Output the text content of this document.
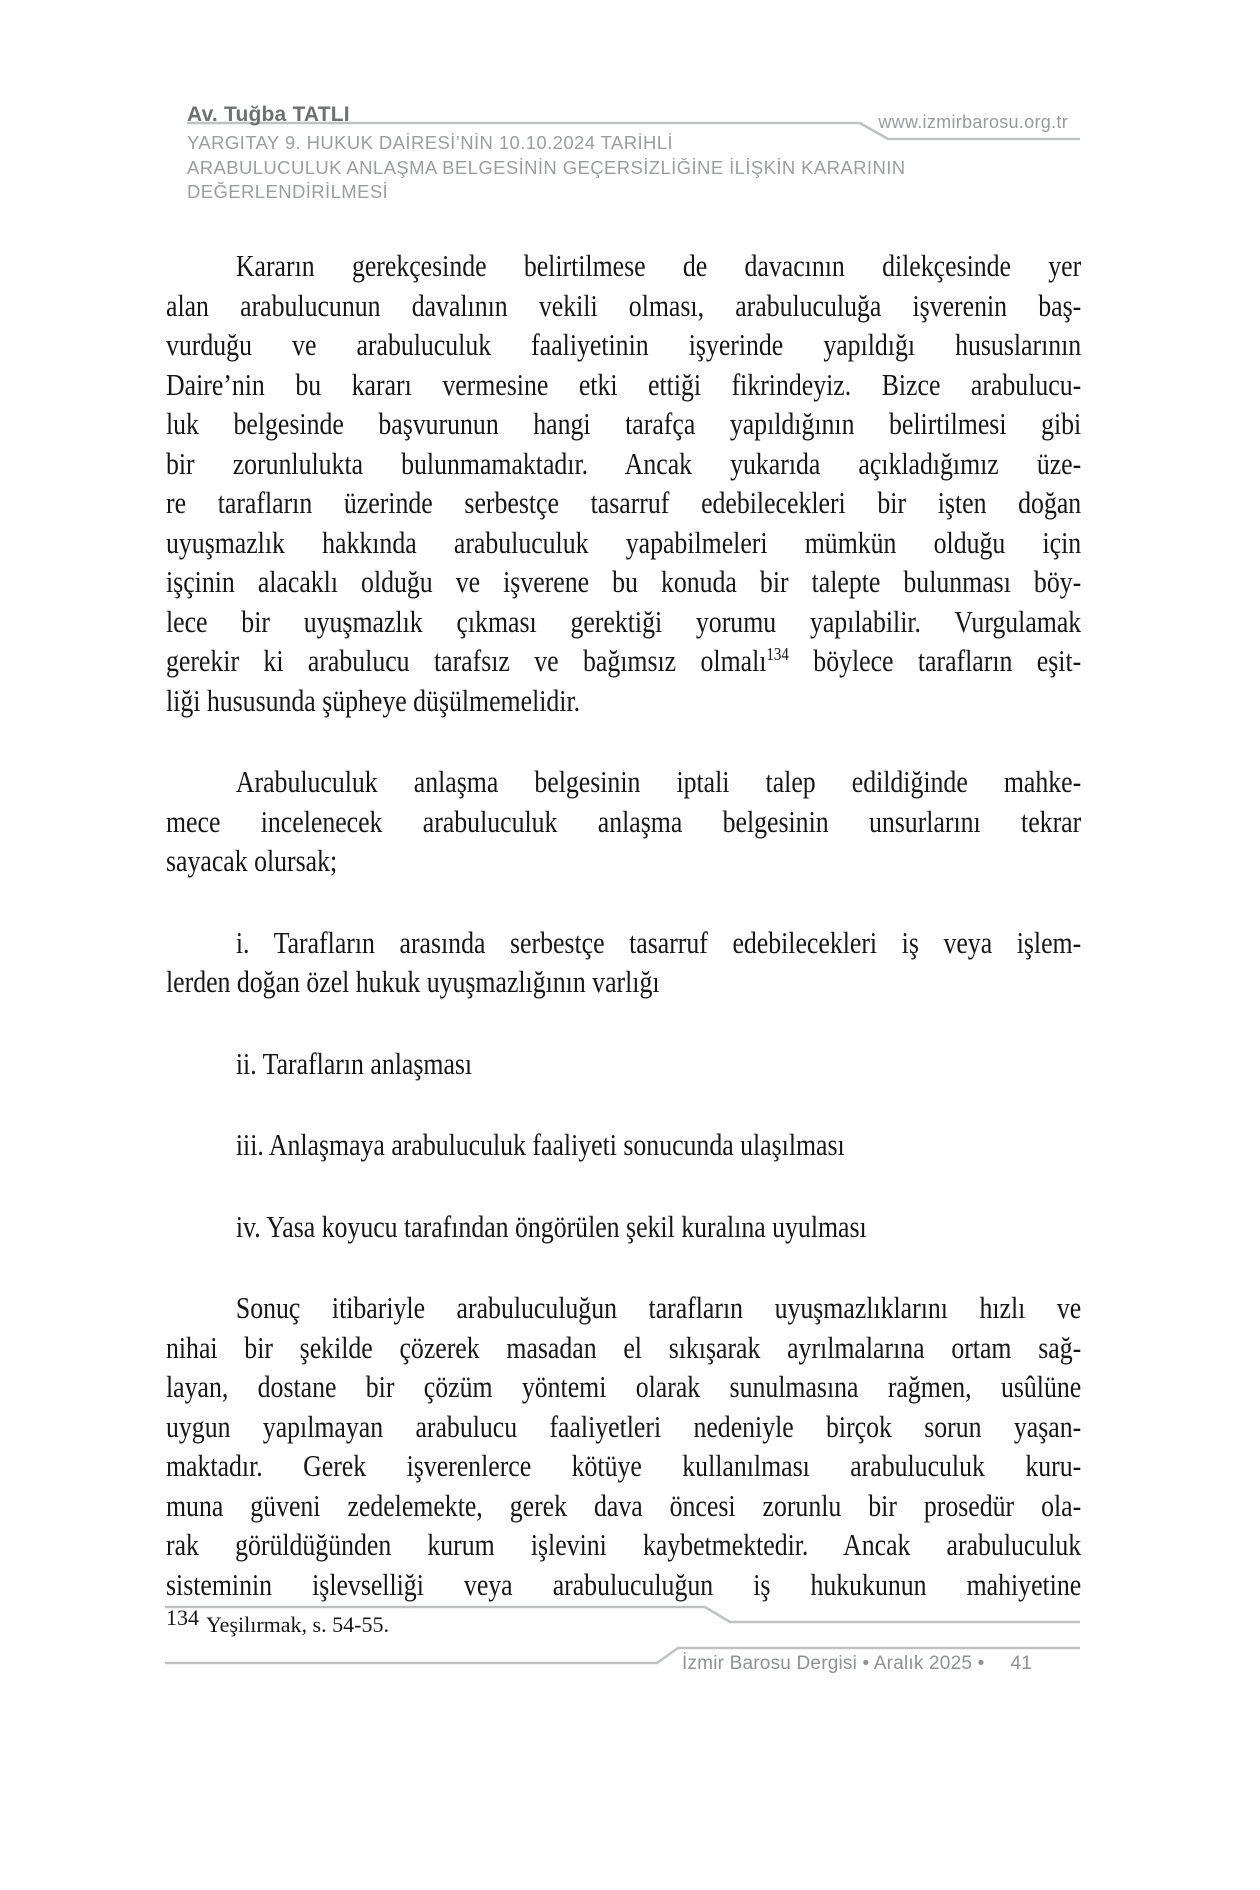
Av. Tuğba TATLI	www.izmirbarosu.org.tr
YARGITAY 9. HUKUK DAİRESİ’NİN 10.10.2024 TARİHLİ
ARABULUCULUK ANLAŞMA BELGESİNİN GEÇERSİZLİĞİNE İLİŞKİN KARARININ
DEĞERLENDİRİLMESİ
Kararın gerekçesinde belirtilmese de davacının dilekçesinde yer
alan arabulucunun davalının vekili olması, arabuluculuğa işverenin baş-
vurduğu ve arabuluculuk faaliyetinin işyerinde yapıldığı hususlarının
Daire’nin bu kararı vermesine etki ettiği fikrindeyiz. Bizce arabulucu-
luk belgesinde başvurunun hangi tarafça yapıldığının belirtilmesi gibi
bir zorunlulukta bulunmamaktadır. Ancak yukarıda açıkladığımız üze-
re tarafların üzerinde serbestçe tasarruf edebilecekleri bir işten doğan
uyuşmazlık hakkında arabuluculuk yapabilmeleri mümkün olduğu için
işçinin alacaklı olduğu ve işverene bu konuda bir talepte bulunması böy-
lece bir uyuşmazlık çıkması gerektiği yorumu yapılabilir. Vurgulamak
gerekir ki arabulucu tarafsız ve bağımsız olmalı$^{134}$ böylece tarafların eşit-
liği hususunda şüpheye düşülmemelidir.
Arabuluculuk anlaşma belgesinin iptali talep edildiğinde mahke-
mece incelenecek arabuluculuk anlaşma belgesinin unsurlarını tekrar
sayacak olursak;
i. Tarafların arasında serbestçe tasarruf edebilecekleri iş veya işlem-
lerden doğan özel hukuk uyuşmazlığının varlığı
ii. Tarafların anlaşması
iii. Anlaşmaya arabuluculuk faaliyeti sonucunda ulaşılması
iv. Yasa koyucu tarafından öngörülen şekil kuralına uyulması
Sonuç itibariyle arabuluculuğun tarafların uyuşmazlıklarını hızlı ve
nihai bir şekilde çözerek masadan el sıkışarak ayrılmalarına ortam sağ-
layan, dostane bir çözüm yöntemi olarak sunulmasına rağmen, usûlüne
uygun yapılmayan arabulucu faaliyetleri nedeniyle birçok sorun yaşan-
maktadır. Gerek işverenlerce kötüye kullanılması arabuluculuk kuru-
muna güveni zedelemekte, gerek dava öncesi zorunlu bir prosedür ola-
rak görüldüğünden kurum işlevini kaybetmektedir. Ancak arabuluculuk
sisteminin işlevselliği veya arabuluculuğun iş hukukunun mahiyetine
134 Yeşilırmak, s. 54-55.
İzmir Barosu Dergisi • Aralık 2025 • 41
